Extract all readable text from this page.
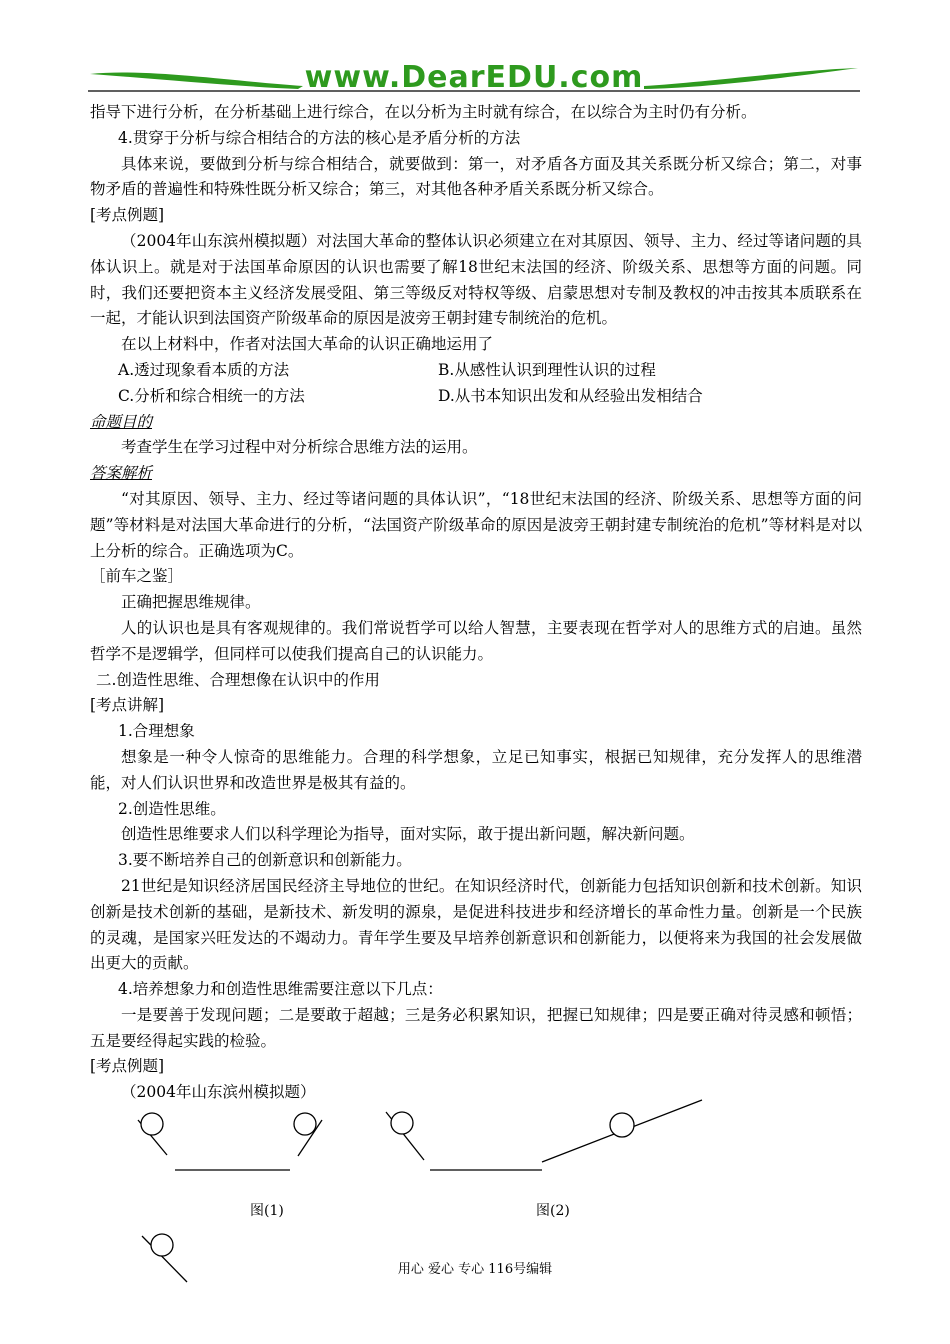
www.DearEDU.com

指导下进行分析，在分析基础上进行综合，在以分析为主时就有综合，在以综合为主时仍有分析。

4.贯穿于分析与综合相结合的方法的核心是矛盾分析的方法

具体来说，要做到分析与综合相结合，就要做到：第一，对矛盾各方面及其关系既分析又综合；第二，对事物矛盾的普遍性和特殊性既分析又综合；第三，对其他各种矛盾关系既分析又综合。

[考点例题]

（2004年山东滨州模拟题）对法国大革命的整体认识必须建立在对其原因、领导、主力、经过等诸问题的具体认识上。就是对于法国革命原因的认识也需要了解18世纪末法国的经济、阶级关系、思想等方面的问题。同时，我们还要把资本主义经济发展受阻、第三等级反对特权等级、启蒙思想对专制及教权的冲击按其本质联系在一起，才能认识到法国资产阶级革命的原因是波旁王朝封建专制统治的危机。

在以上材料中，作者对法国大革命的认识正确地运用了

A.透过现象看本质的方法	B.从感性认识到理性认识的过程
C.分析和综合相统一的方法	D.从书本知识出发和从经验出发相结合

命题目的

考查学生在学习过程中对分析综合思维方法的运用。

答案解析

“对其原因、领导、主力、经过等诸问题的具体认识”，“18世纪末法国的经济、阶级关系、思想等方面的问题”等材料是对法国大革命进行的分析，“法国资产阶级革命的原因是波旁王朝封建专制统治的危机”等材料是对以上分析的综合。正确选项为C。

［前车之鉴］

正确把握思维规律。

人的认识也是具有客观规律的。我们常说哲学可以给人智慧，主要表现在哲学对人的思维方式的启迪。虽然哲学不是逻辑学，但同样可以使我们提高自己的认识能力。

二.创造性思维、合理想像在认识中的作用

[考点讲解]

1.合理想象

想象是一种令人惊奇的思维能力。合理的科学想象，立足已知事实，根据已知规律，充分发挥人的思维潜能，对人们认识世界和改造世界是极其有益的。

2.创造性思维。

创造性思维要求人们以科学理论为指导，面对实际，敢于提出新问题，解决新问题。

3.要不断培养自己的创新意识和创新能力。

21世纪是知识经济居国民经济主导地位的世纪。在知识经济时代，创新能力包括知识创新和技术创新。知识创新是技术创新的基础，是新技术、新发明的源泉，是促进科技进步和经济增长的革命性力量。创新是一个民族的灵魂，是国家兴旺发达的不竭动力。青年学生要及早培养创新意识和创新能力，以便将来为我国的社会发展做出更大的贡献。

4.培养想象力和创造性思维需要注意以下几点：

一是要善于发现问题；二是要敢于超越；三是务必积累知识，把握已知规律；四是要正确对待灵感和顿悟；五是要经得起实践的检验。

[考点例题]

（2004年山东滨州模拟题）

图(1)	图(2)
用心 爱心 专心 116号编辑
